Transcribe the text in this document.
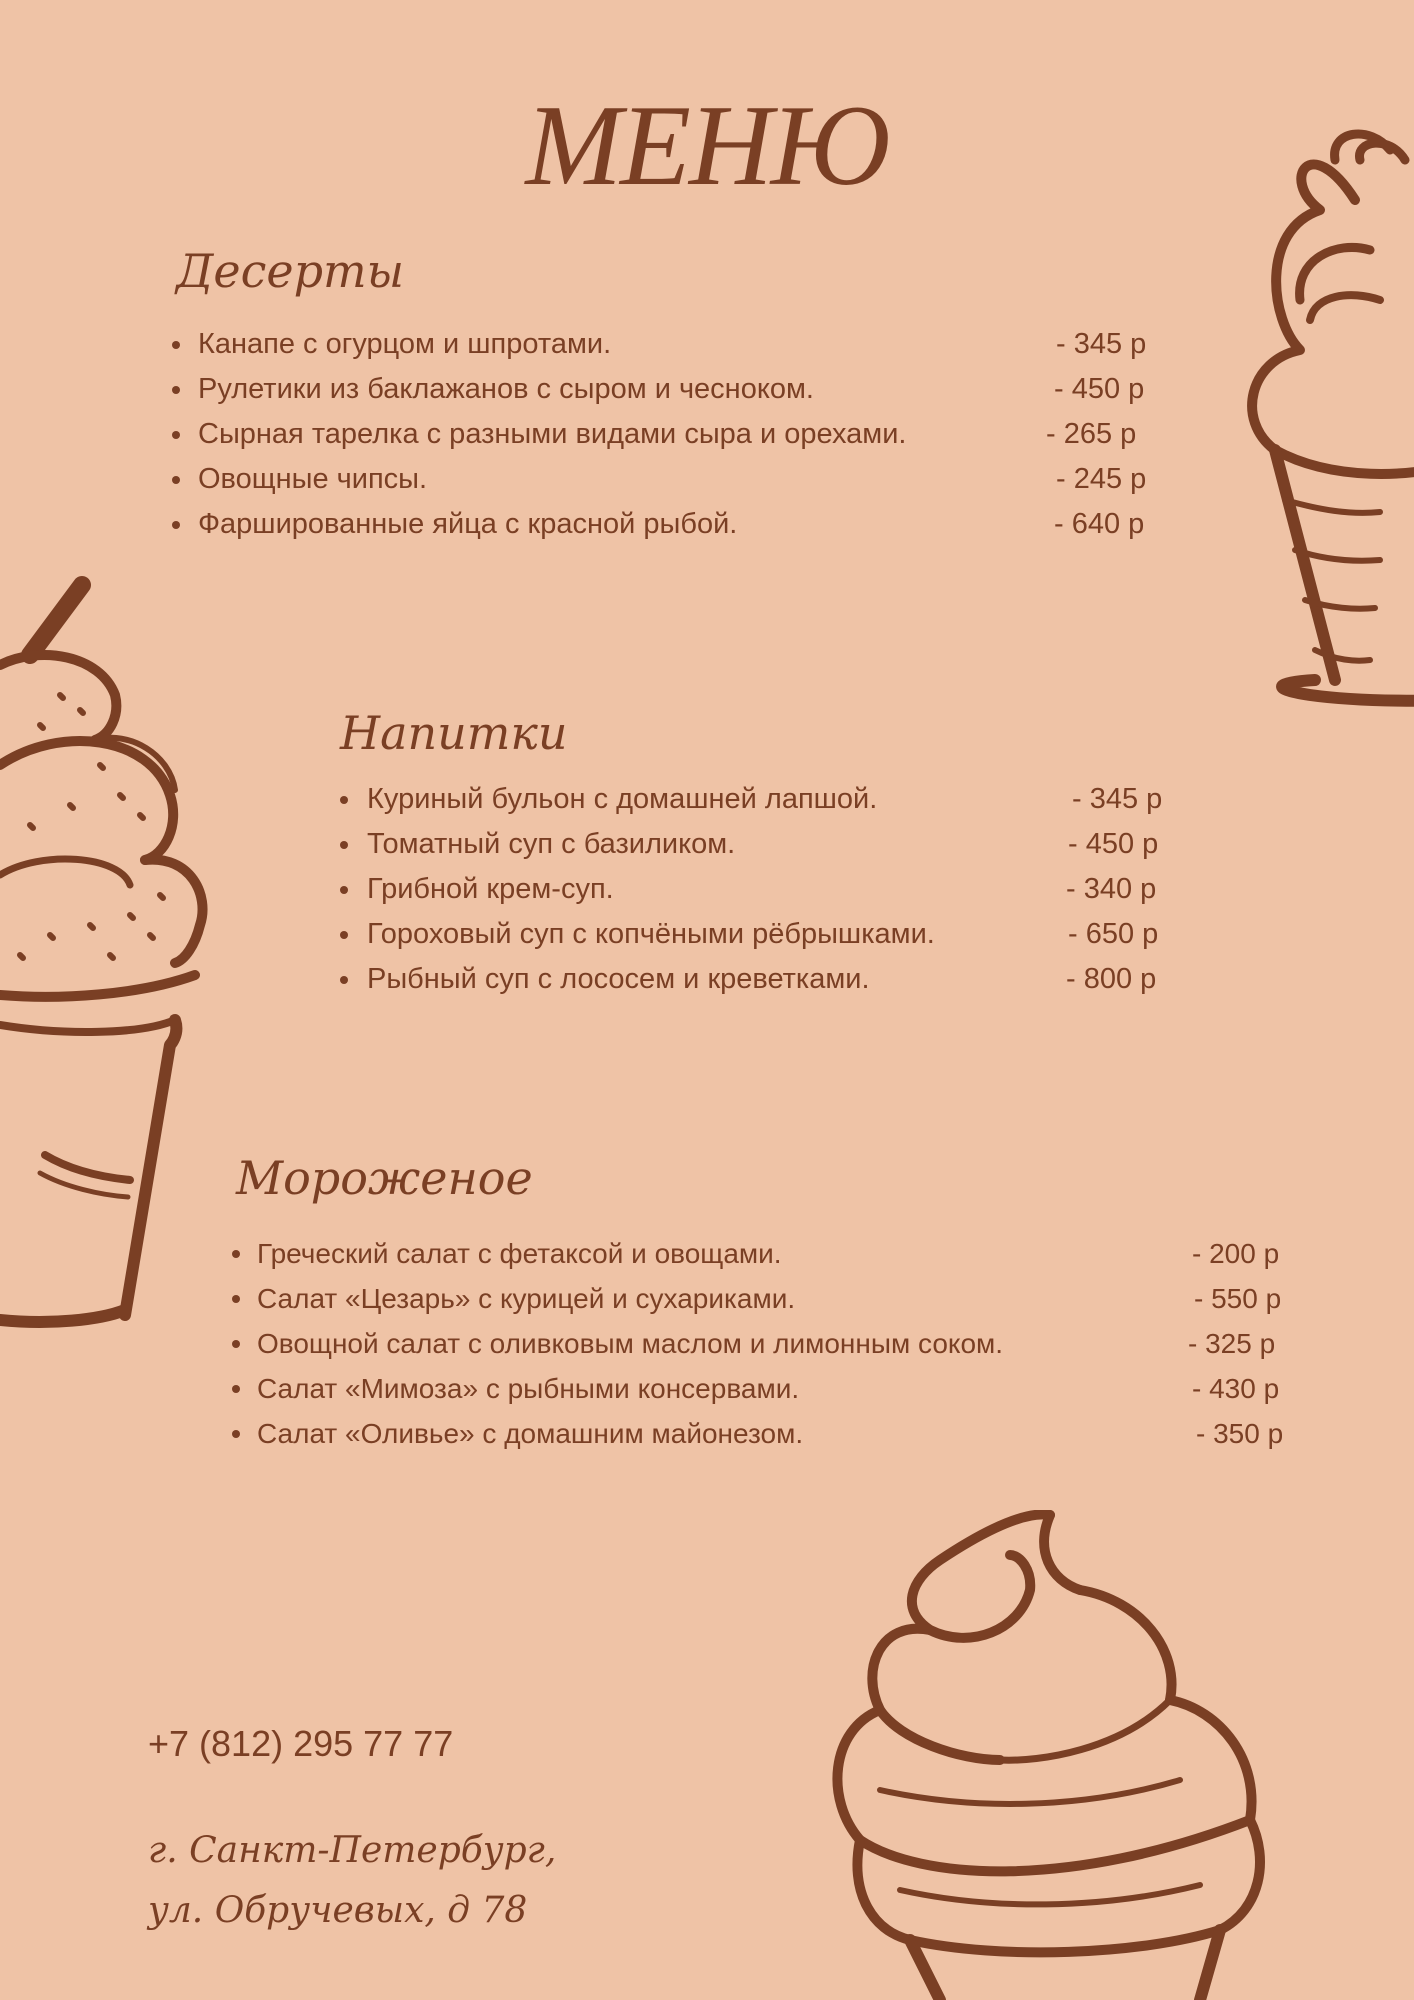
МЕНЮ
Десерты
Канапе с огурцом и шпротами.	- 345 р
Рулетики из баклажанов с сыром и чесноком.	- 450 р
Сырная тарелка с разными видами сыра и орехами.	- 265 р
Овощные чипсы.	- 245 р
Фаршированные яйца с красной рыбой.	- 640 р
Напитки
Куриный бульон с домашней лапшой.	- 345 р
Томатный суп с базиликом.	- 450 р
Грибной крем-суп.	- 340 р
Гороховый суп с копчёными рёбрышками.	- 650 р
Рыбный суп с лососем и креветками.	- 800 р
Мороженое
Греческий салат с фетаксой и овощами.	- 200 р
Салат «Цезарь» с курицей и сухариками.	- 550 р
Овощной салат с оливковым маслом и лимонным соком.	- 325 р
Салат «Мимоза» с рыбными консервами.	- 430 р
Салат «Оливье» с домашним майонезом.	- 350 р
+7 (812) 295 77 77
г. Санкт-Петербург,
ул. Обручевых, д 78
